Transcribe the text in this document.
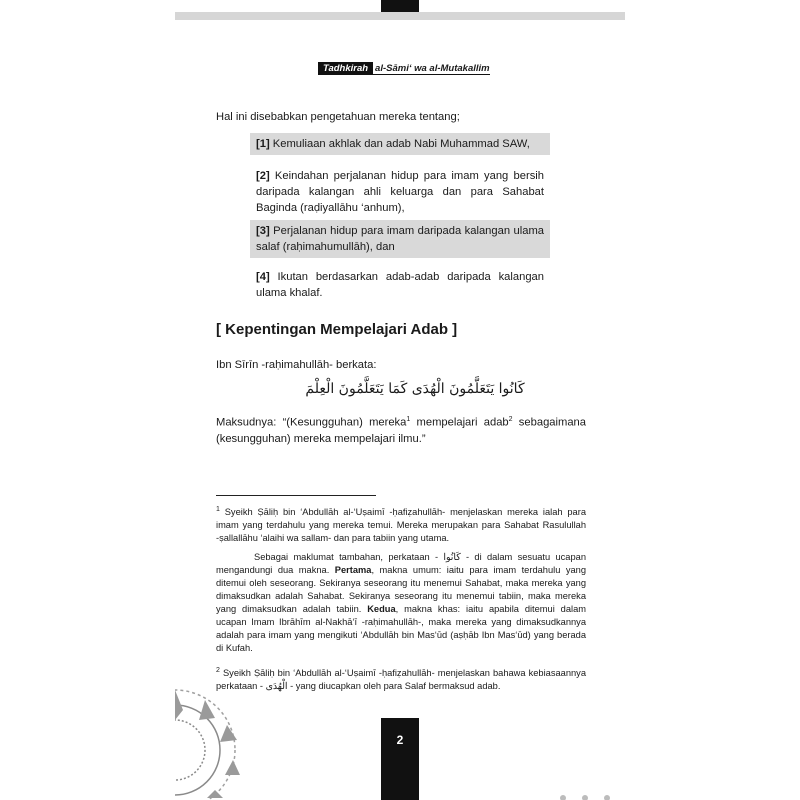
Tadhkirah al-Sāmi‘ wa al-Mutakallim
Hal ini disebabkan pengetahuan mereka tentang;
[1] Kemuliaan akhlak dan adab Nabi Muhammad SAW,
[2] Keindahan perjalanan hidup para imam yang bersih daripada kalangan ahli keluarga dan para Sahabat Baginda (raḍiyallāhu ‘anhum),
[3] Perjalanan hidup para imam daripada kalangan ulama salaf (raḥimahumullāh), dan
[4] Ikutan berdasarkan adab-adab daripada kalangan ulama khalaf.
[ Kepentingan Mempelajari Adab ]
Ibn Sīrīn -raḥimahullāh- berkata:
كَانُوا يَتَعَلَّمُونَ الْهُدَى كَمَا يَتَعَلَّمُونَ الْعِلْمَ
Maksudnya: “(Kesungguhan) mereka$^1$ mempelajari adab$^2$ sebagaimana (kesungguhan) mereka mempelajari ilmu.”
$^1$ Syeikh Ṣāliḥ bin ‘Abdullāh al-‘Uṣaimī -ḥafiẓahullāh- menjelaskan mereka ialah para imam yang terdahulu yang mereka temui. Mereka merupakan para Sahabat Rasulullah -ṣallallāhu ‘alaihi wa sallam- dan para tabiin yang utama.
Sebagai maklumat tambahan, perkataan - كَانُوا - di dalam sesuatu ucapan mengandungi dua makna. Pertama, makna umum: iaitu para imam terdahulu yang ditemui oleh seseorang. Sekiranya seseorang itu menemui Sahabat, maka mereka yang dimaksudkan adalah Sahabat. Sekiranya seseorang itu menemui tabiin, maka mereka yang dimaksudkan adalah tabiin. Kedua, makna khas: iaitu apabila ditemui dalam ucapan Imam Ibrāhīm al-Nakhā‘ī -raḥimahullāh-, maka mereka yang dimaksudkannya adalah para imam yang mengikuti ‘Abdullāh bin Mas‘ūd (aṣḥāb Ibn Mas‘ūd) yang berada di Kufah.
$^2$ Syeikh Ṣāliḥ bin ‘Abdullāh al-‘Uṣaimī -ḥafiẓahullāh- menjelaskan bahawa kebiasaannya perkataan - الْهُدَى - yang diucapkan oleh para Salaf bermaksud adab.
2
